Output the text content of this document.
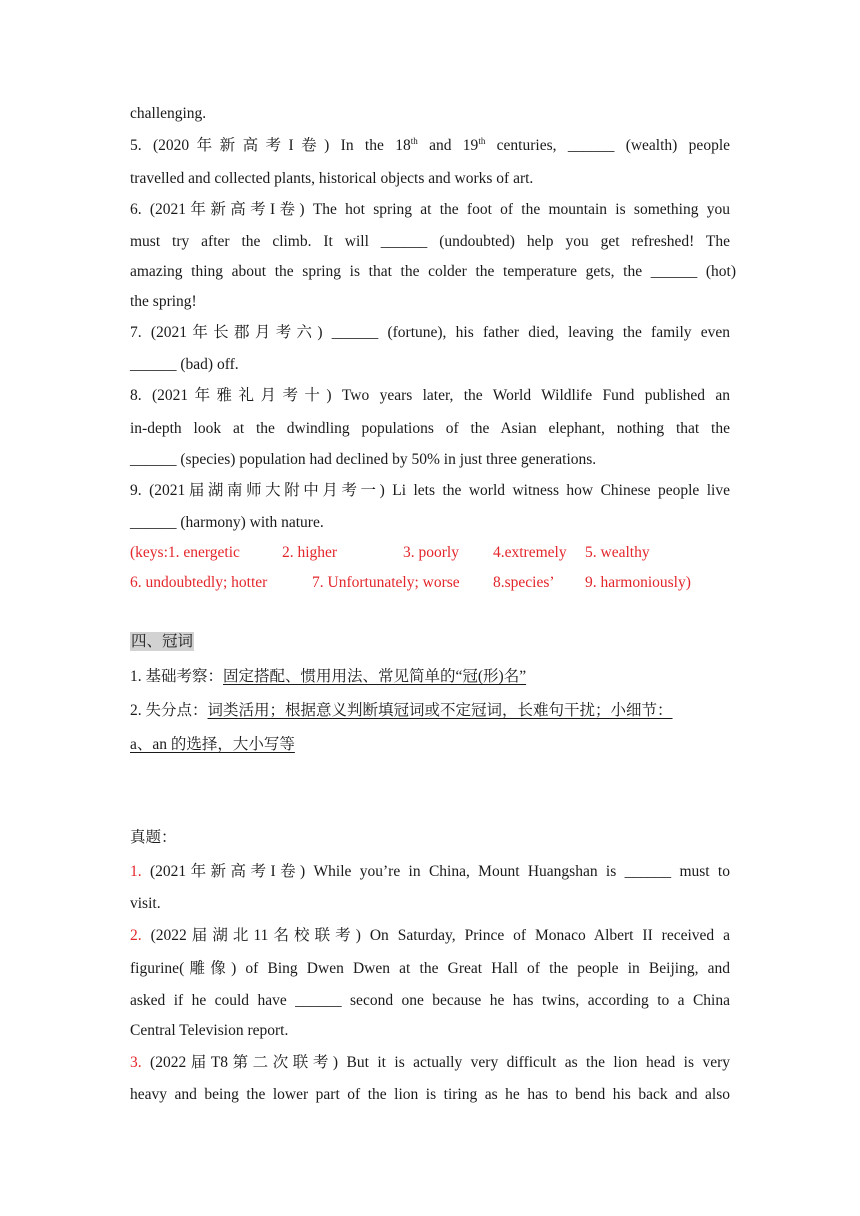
challenging.
5. (2020年新高考I卷) In the 18th and 19th centuries, ______ (wealth) people
travelled and collected plants, historical objects and works of art.
6. (2021年新高考I卷) The hot spring at the foot of the mountain is something you
must try after the climb. It will ______ (undoubted) help you get refreshed! The
amazing thing about the spring is that the colder the temperature gets, the ______ (hot)
the spring!
7. (2021年长郡月考六) ______ (fortune), his father died, leaving the family even
______ (bad) off.
8. (2021年雅礼月考十) Two years later, the World Wildlife Fund published an
in-depth look at the dwindling populations of the Asian elephant, nothing that the
______ (species) population had declined by 50% in just three generations.
9. (2021届湖南师大附中月考一) Li lets the world witness how Chinese people live
______ (harmony) with nature.
(keys:1. energetic	2. higher	3. poorly 4.extremely 5. wealthy
6. undoubtedly; hotter	7. Unfortunately; worse 8.species’ 9. harmoniously)
四、冠词
1. 基础考察：固定搭配、惯用用法、常见简单的“冠(形)名”
2. 失分点：词类活用；根据意义判断填冠词或不定冠词，长难句干扰；小细节：
a、an 的选择，大小写等
真题：
1. (2021年新高考I卷) While you’re in China, Mount Huangshan is ______ must to
visit.
2. (2022届湖北11名校联考) On Saturday, Prince of Monaco Albert II received a
figurine(雕像) of Bing Dwen Dwen at the Great Hall of the people in Beijing, and
asked if he could have ______ second one because he has twins, according to a China
Central Television report.
3. (2022届T8第二次联考) But it is actually very difficult as the lion head is very
heavy and being the lower part of the lion is tiring as he has to bend his back and also
